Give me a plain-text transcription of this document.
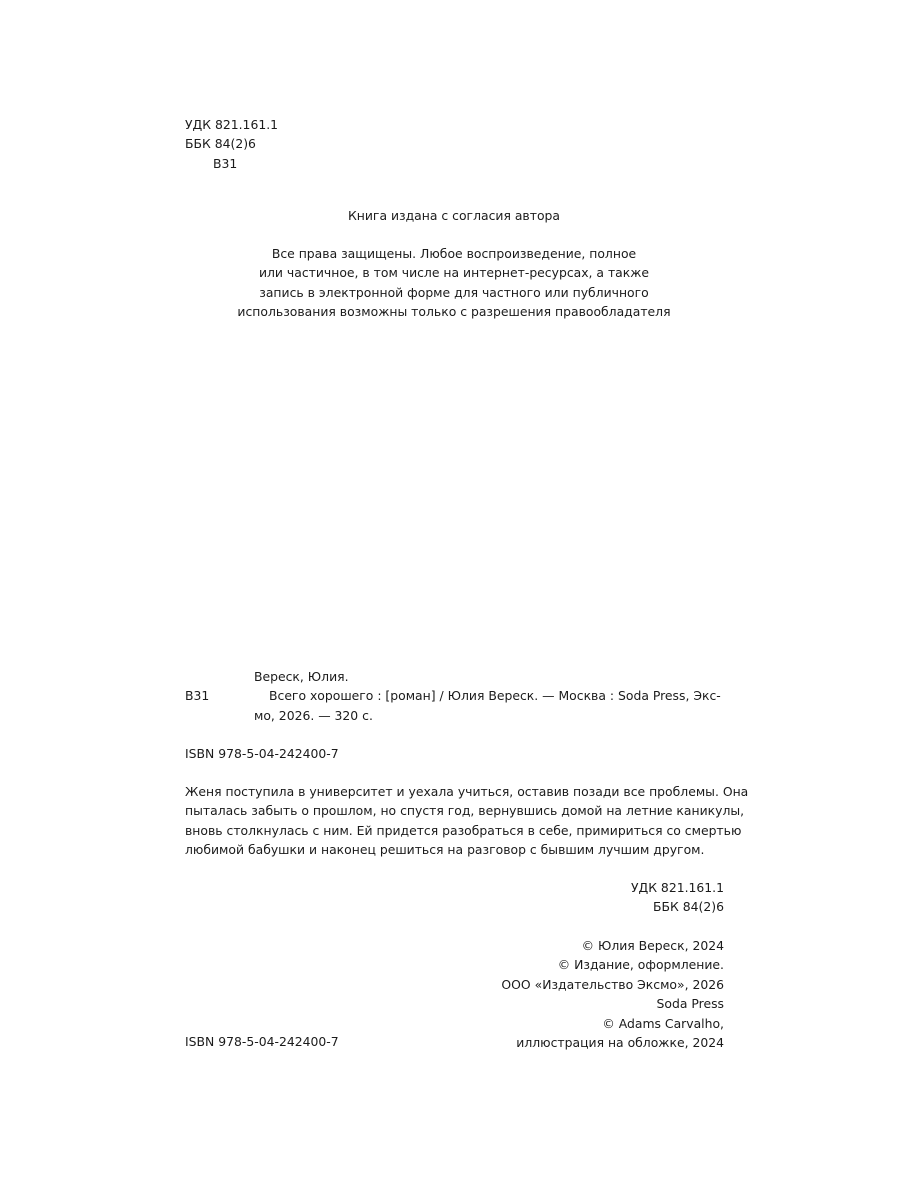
УДК 821.161.1
ББК 84(2)6
В31
Книга издана с согласия автора
Все права защищены. Любое воспроизведение, полное
или частичное, в том числе на интернет-ресурсах, а также
запись в электронной форме для частного или публичного
использования возможны только с разрешения правообладателя
Вереск, Юлия.
В31	Всего хорошего : [роман] / Юлия Вереск. — Москва : Soda Press, Экс-
мо, 2026. — 320 с.
ISBN 978-5-04-242400-7
Женя поступила в университет и уехала учиться, оставив позади все проблемы. Она
пыталась забыть о прошлом, но спустя год, вернувшись домой на летние каникулы,
вновь столкнулась с ним. Ей придется разобраться в себе, примириться со смертью
любимой бабушки и наконец решиться на разговор с бывшим лучшим другом.
УДК 821.161.1
ББК 84(2)6
© Юлия Вереск, 2024
© Издание, оформление.
ООО «Издательство Эксмо», 2026
Soda Press
© Adams Carvalho,
иллюстрация на обложке, 2024
ISBN 978-5-04-242400-7
